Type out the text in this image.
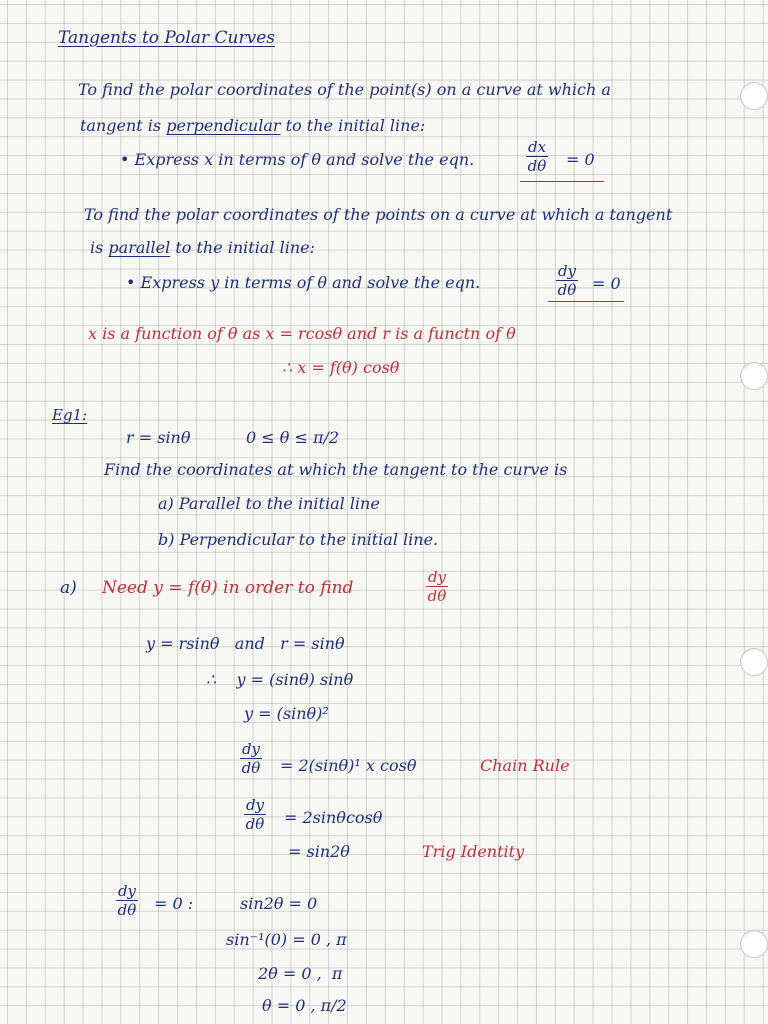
Tangents to Polar Curves
To find the polar coordinates of the point(s) on a curve at which a
tangent is perpendicular to the initial line:
• Express x in terms of θ and solve the eqn.
dx
dθ = 0
To find the polar coordinates of the points on a curve at which a tangent
is parallel to the initial line:
• Express y in terms of θ and solve the eqn.
dy
dθ = 0
x is a function of θ as x = rcosθ and r is a functn of θ
∴ x = f(θ) cosθ
Eg1:
r = sinθ	0 ≤ θ ≤ π/2
Find the coordinates at which the tangent to the curve is
a) Parallel to the initial line
b) Perpendicular to the initial line.
a) Need y = f(θ) in order to find
dy
dθ
y = rsinθ   and   r = sinθ
∴    y = (sinθ) sinθ
y = (sinθ)²
dy
dθ = 2(sinθ)¹ x cosθ	Chain Rule
dy
dθ = 2sinθcosθ
= sin2θ	Trig Identity
dy
dθ = 0 :	sin2θ = 0
sin⁻¹(0) = 0 , π
2θ = 0 ,  π
θ = 0 , π/2
